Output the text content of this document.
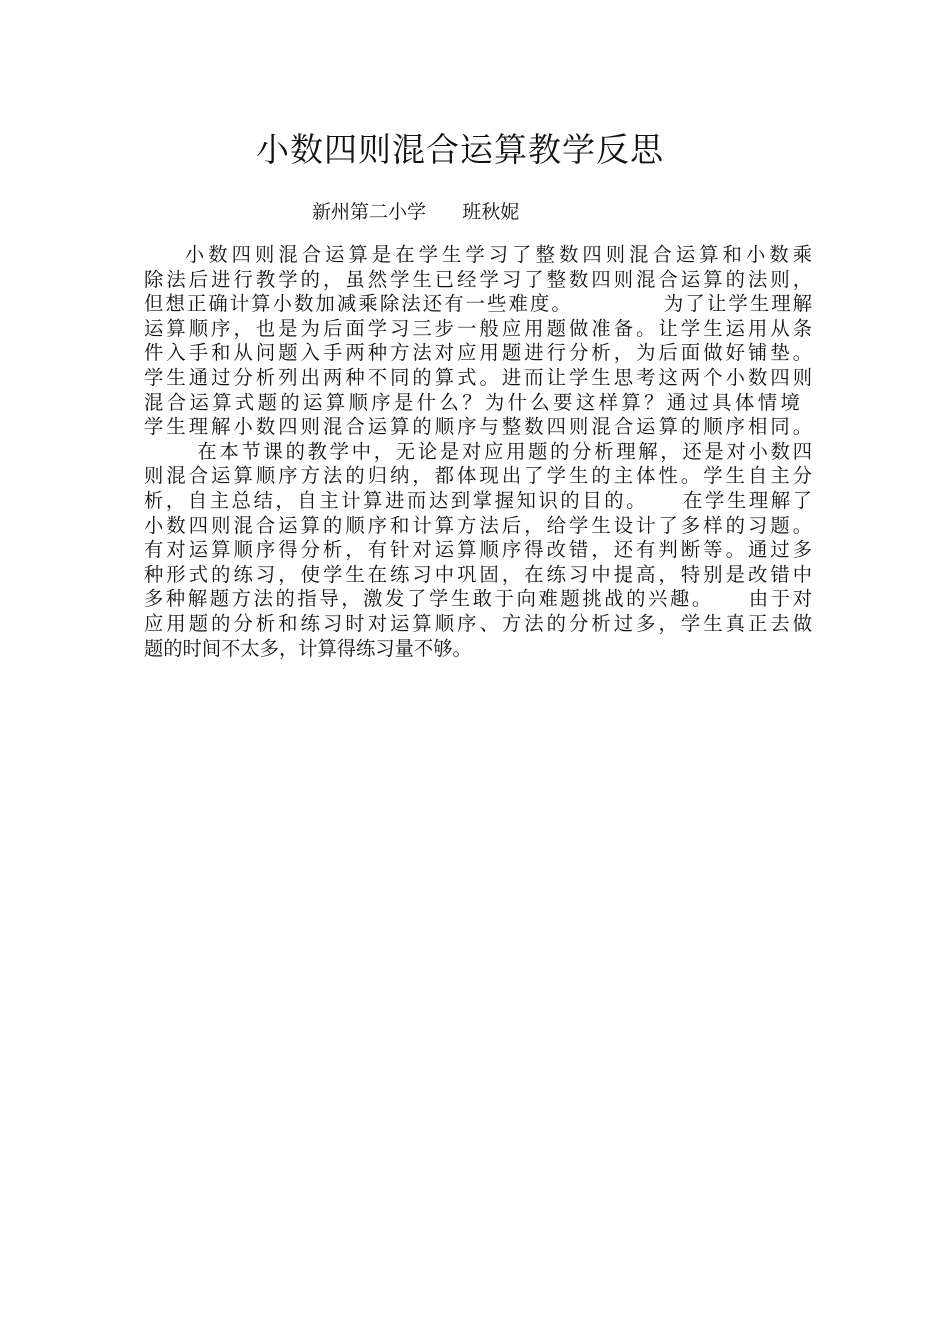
小数四则混合运算教学反思

新州第二小学      班秋妮

小数四则混合运算是在学生学习了整数四则混合运算和小数乘
除法后进行教学的，虽然学生已经学习了整数四则混合运算的法则，
但想正确计算小数加减乘除法还有一些难度。           为了让学生理解
运算顺序，也是为后面学习三步一般应用题做准备。让学生运用从条
件入手和从问题入手两种方法对应用题进行分析，为后面做好铺垫。
学生通过分析列出两种不同的算式。进而让学生思考这两个小数四则
混合运算式题的运算顺序是什么？为什么要这样算？通过具体情境
学生理解小数四则混合运算的顺序与整数四则混合运算的顺序相同。
在本节课的教学中，无论是对应用题的分析理解，还是对小数四
则混合运算顺序方法的归纳，都体现出了学生的主体性。学生自主分
析，自主总结，自主计算进而达到掌握知识的目的。    在学生理解了
小数四则混合运算的顺序和计算方法后，给学生设计了多样的习题。
有对运算顺序得分析，有针对运算顺序得改错，还有判断等。通过多
种形式的练习，使学生在练习中巩固，在练习中提高，特别是改错中
多种解题方法的指导，激发了学生敢于向难题挑战的兴趣。    由于对
应用题的分析和练习时对运算顺序、方法的分析过多，学生真正去做
题的时间不太多，计算得练习量不够。
